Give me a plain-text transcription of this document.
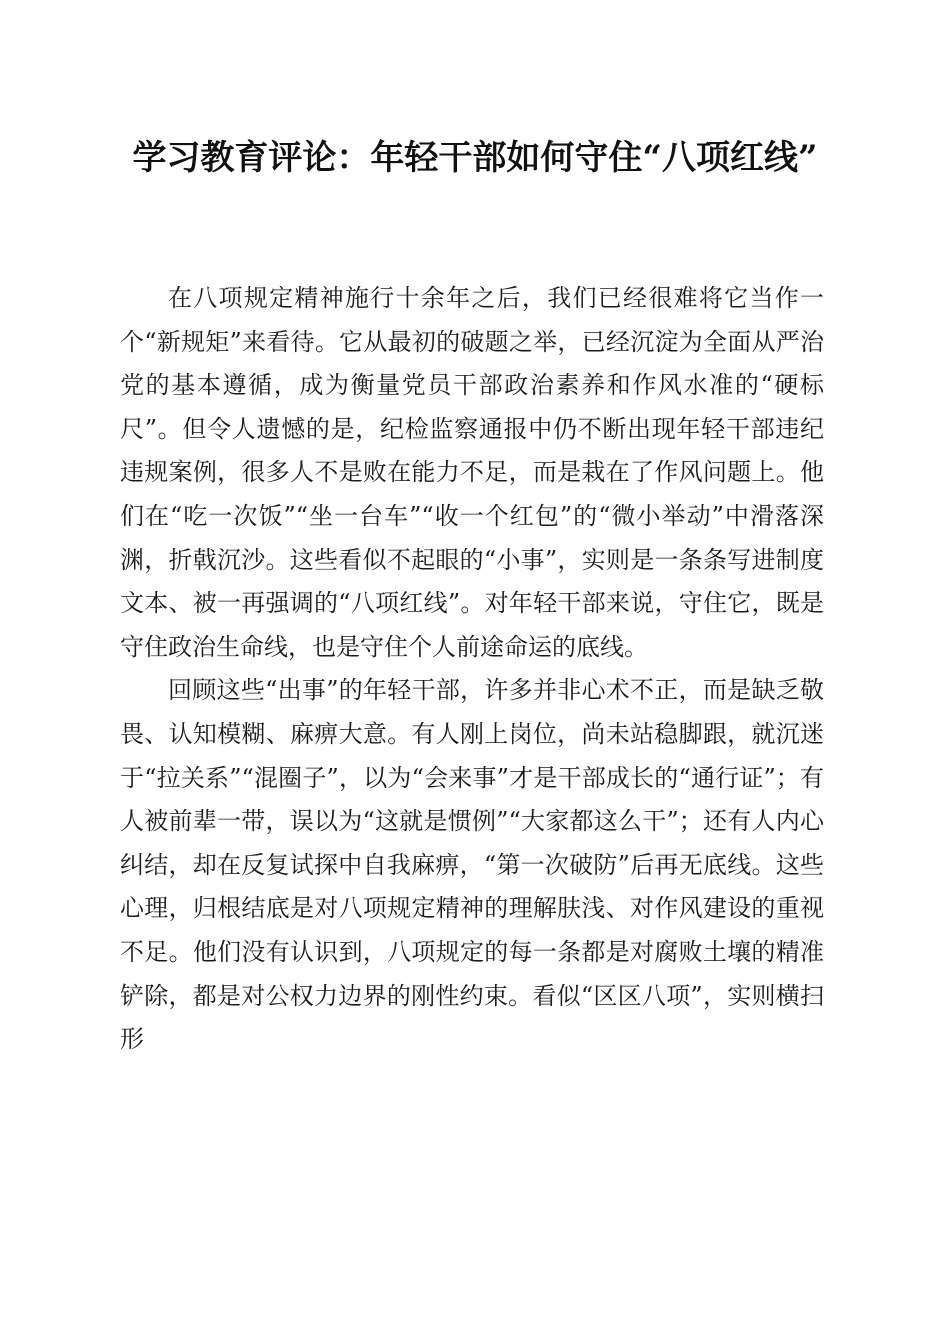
学习教育评论：年轻干部如何守住“八项红线”

在八项规定精神施行十余年之后，我们已经很难将它当作一个“新规矩”来看待。它从最初的破题之举，已经沉淀为全面从严治党的基本遵循，成为衡量党员干部政治素养和作风水准的“硬标尺”。但令人遗憾的是，纪检监察通报中仍不断出现年轻干部违纪违规案例，很多人不是败在能力不足，而是栽在了作风问题上。他们在“吃一次饭”“坐一台车”“收一个红包”的“微小举动”中滑落深渊，折戟沉沙。这些看似不起眼的“小事”，实则是一条条写进制度文本、被一再强调的“八项红线”。对年轻干部来说，守住它，既是守住政治生命线，也是守住个人前途命运的底线。

回顾这些“出事”的年轻干部，许多并非心术不正，而是缺乏敬畏、认知模糊、麻痹大意。有人刚上岗位，尚未站稳脚跟，就沉迷于“拉关系”“混圈子”，以为“会来事”才是干部成长的“通行证”；有人被前辈一带，误以为“这就是惯例”“大家都这么干”；还有人内心纠结，却在反复试探中自我麻痹，“第一次破防”后再无底线。这些心理，归根结底是对八项规定精神的理解肤浅、对作风建设的重视不足。他们没有认识到，八项规定的每一条都是对腐败土壤的精准铲除，都是对公权力边界的刚性约束。看似“区区八项”，实则横扫形
